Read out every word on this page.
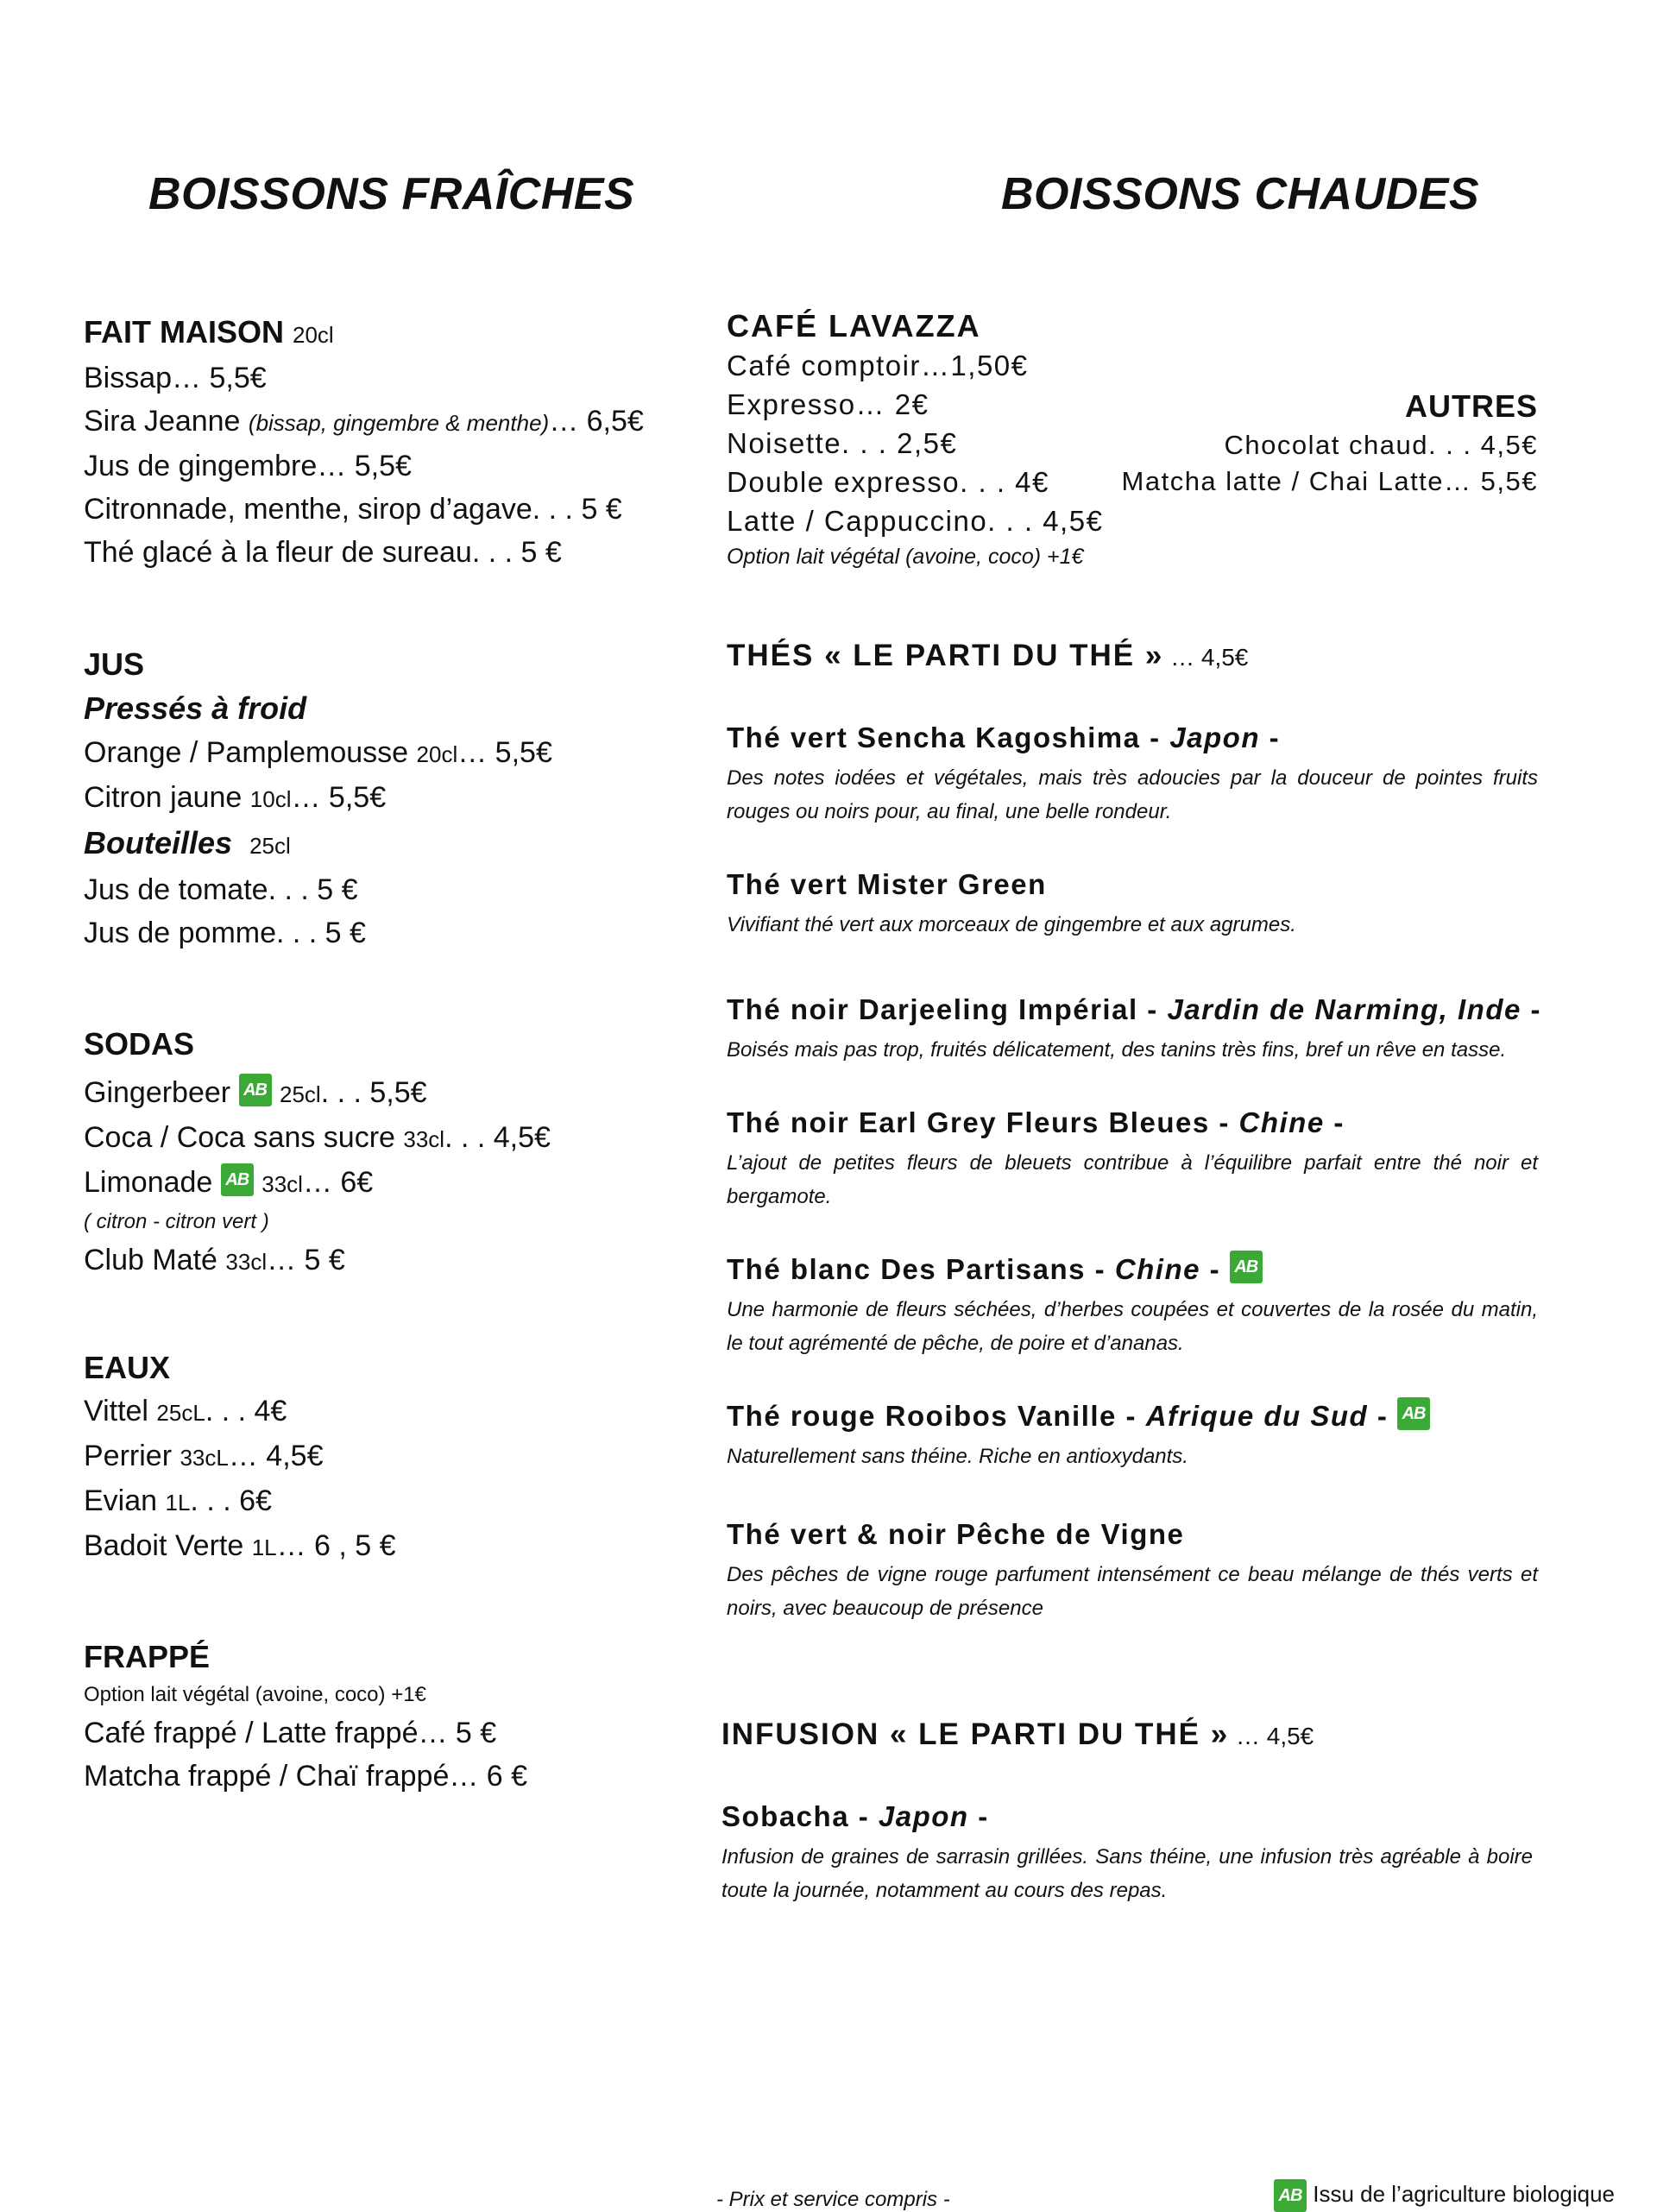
BOISSONS FRAÎCHES	BOISSONS CHAUDES
FAIT MAISON 20cl
Bissap… 5,5€
Sira Jeanne (bissap, gingembre & menthe)… 6,5€
Jus de gingembre… 5,5€
Citronnade, menthe, sirop d’agave. . . 5 €
Thé glacé à la fleur de sureau. . . 5 €
JUS
Pressés à froid
Orange / Pamplemousse 20cl… 5,5€
Citron jaune 10cl… 5,5€
Bouteilles 25cl
Jus de tomate. . . 5 €
Jus de pomme. . . 5 €
SODAS
Gingerbeer AB 25cl. . . 5,5€
Coca / Coca sans sucre 33cl. . . 4,5€
Limonade AB 33cl… 6€
( citron - citron vert )
Club Maté 33cl… 5 €
EAUX
Vittel 25cL. . . 4€
Perrier 33cL… 4,5€
Evian 1L. . . 6€
Badoit Verte 1L… 6 , 5 €
FRAPPÉ
Option lait végétal (avoine, coco) +1€
Café frappé / Latte frappé… 5 €
Matcha frappé / Chaï frappé… 6 €
CAFÉ LAVAZZA
Café comptoir…1,50€
Expresso… 2€
Noisette. . . 2,5€
Double expresso. . . 4€
Latte / Cappuccino. . . 4,5€
Option lait végétal (avoine, coco) +1€
AUTRES
Chocolat chaud. . . 4,5€
Matcha latte / Chai Latte… 5,5€
THÉS « LE PARTI DU THÉ » … 4,5€
Thé vert Sencha Kagoshima - Japon -
Des notes iodées et végétales, mais très adoucies par la douceur de pointes fruits rouges ou noirs pour, au final, une belle rondeur.
Thé vert Mister Green
Vivifiant thé vert aux morceaux de gingembre et aux agrumes.
Thé noir Darjeeling Impérial - Jardin de Narming, Inde -
Boisés mais pas trop, fruités délicatement, des tanins très fins, bref un rêve en tasse.
Thé noir Earl Grey Fleurs Bleues - Chine -
L’ajout de petites fleurs de bleuets contribue à l’équilibre parfait entre thé noir et bergamote.
Thé blanc Des Partisans - Chine - AB
Une harmonie de fleurs séchées, d’herbes coupées et couvertes de la rosée du matin, le tout agrémenté de pêche, de poire et d’ananas.
Thé rouge Rooibos Vanille - Afrique du Sud - AB
Naturellement sans théine. Riche en antioxydants.
Thé vert & noir Pêche de Vigne
Des pêches de vigne rouge parfument intensément ce beau mélange de thés verts et noirs, avec beaucoup de présence
INFUSION « LE PARTI DU THÉ » … 4,5€
Sobacha - Japon -
Infusion de graines de sarrasin grillées. Sans théine, une infusion très agréable à boire toute la journée, notamment au cours des repas.
- Prix et service compris -	AB Issu de l’agriculture biologique
